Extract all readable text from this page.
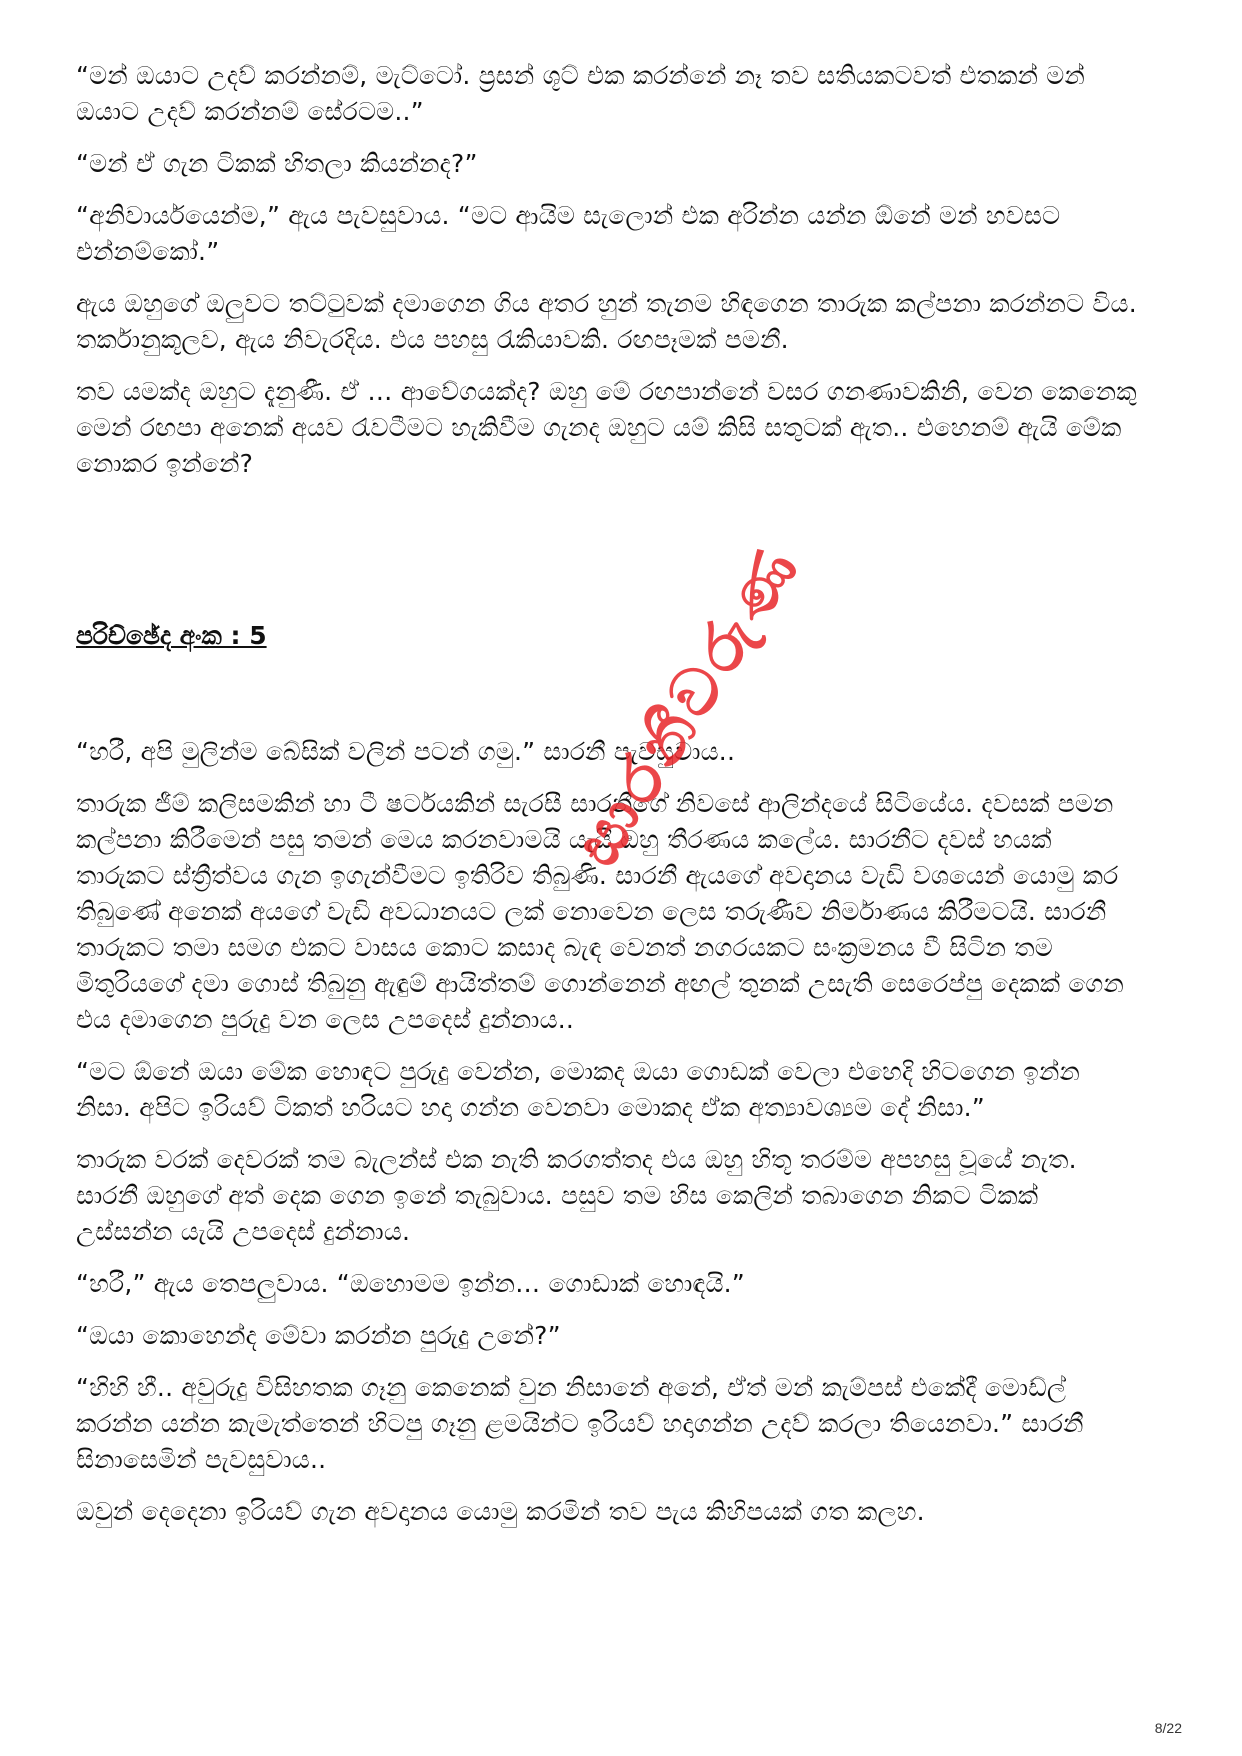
“මන් ඔයාට උදව් කරන්නම්, මැට්ටෝ. ප්‍රසන් ශූට් එක කරන්නේ නෑ තව සතියකටවත් එතකන් මන් ඔයාට උදව් කරන්නම් සේරටම..”

“මන් ඒ ගැන ටිකක් හිතලා කියන්නද?”

“අනිවාර්යයෙන්ම,” ඇය පැවසුවාය. “මට ආයිම සැලොන් එක අරින්න යන්න ඕනේ මන් හවසට එන්නම්කෝ.”

ඇය ඔහුගේ ඔලුවට තට්ටුවක් දමාගෙන ගිය අතර හුන් තැනම හිඳගෙන තාරුක කල්පනා කරන්නට විය. තර්කානුකූලව, ඇය නිවැරදිය. එය පහසු රැකියාවකි. රඟපෑමක් පමනී.

තව යමක්ද ඔහුට දැනුණී. ඒ … ආවේගයක්ද? ඔහු මේ රඟපාන්නේ වසර ගනණාවකිනි, වෙන කෙනෙකු මෙන් රඟපා අනෙක් අයව රැවටීමට හැකිවීම ගැනද ඔහුට යම් කිසි සතුටක් ඇත.. එහෙනම් ඇයි මේක නොකර ඉන්නේ?

පරිච්ඡේද අංක : 5

“හරී, අපි මුලින්ම බේසික් වලින් පටන් ගමු.” සාරනී පැවසුවාය..

තාරුක ජීම් කලිසමකින් හා ටී ෂර්ටයකින් සැරසී සාරනීගේ නිවසේ ආලින්දයේ සිටියේය. දවසක් පමන කල්පනා කිරීමෙන් පසු තමන් මෙය කරනවාමයි යැයි ඔහු තීරණය කලේය. සාරනීට දවස් හයක් තාරුකට ස්ත්‍රීත්වය ගැන ඉගැන්වීමට ඉතිරිව තිබුණි. සාරනී ඇයගේ අවදානය වැඩි වශයෙන් යොමු කර තිබුණේ අනෙක් අයගේ වැඩි අවධානයට ලක් නොවෙන ලෙස තරුණීව නිර්මාණය කිරීමටයි. සාරනී තාරුකට තමා සමග එකට වාසය කොට කසාද බැඳ වෙනත් නගරයකට සංක්‍රමනය වී සිටින තම මිතුරියගේ දමා ගොස් තිබුනු ඇඳුම් ආයිත්තම් ගොන්නෙන් අඟල් තුනක් උසැති සෙරෙප්පු දෙකක් ගෙන එය දමාගෙන පුරුදු වන ලෙස උපදෙස් දුන්නාය..

“මට ඕනේ ඔයා මේක හොඳට පුරුදු වෙන්න, මොකද ඔයා ගොඩක් වෙලා එහෙදි හිටගෙන ඉන්න නිසා. අපිට ඉරියව් ටිකත් හරියට හදා ගන්න වෙනවා මොකද ඒක අත්‍යාවශ්‍යම දේ නිසා.”

තාරුක වරක් දෙවරක් තම බැලන්ස් එක නැති කරගත්තද එය ඔහු හිතූ තරම්ම අපහසු වූයේ නැත. සාරනී ඔහුගේ අත් දෙක ගෙන ඉනේ තැබුවාය. පසුව තම හිස කෙලින් තබාගෙන නිකට ටිකක් උස්සන්න යැයි උපදෙස් දුන්නාය.

“හරී,” ඇය තෙපලුවාය. “ඔහොමම ඉන්න… ගොඩාක් හොඳයි.”

“ඔයා කොහෙන්ද මේවා කරන්න පුරුදු උනේ?”

“හිහි හී.. අවුරුදු විසිහතක ගෑනු කෙනෙක් වුන නිසානේ අනේ, ඒත් මන් කැම්පස් එකේදී මොඩ්ල් කරන්න යන්න කැමැත්තෙන් හිටපු ගෑනු ළමයින්ට ඉරියව් හදාගන්න උදව් කරලා තියෙනවා.” සාරනී සිනාසෙමින් පැවසුවාය..

ඔවුන් දෙදෙනා ඉරියව් ගැන අවදානය යොමු කරමින් තව පැය කිහිපයක් ගත කලහ.

සාරනීවරුණ
8/22
